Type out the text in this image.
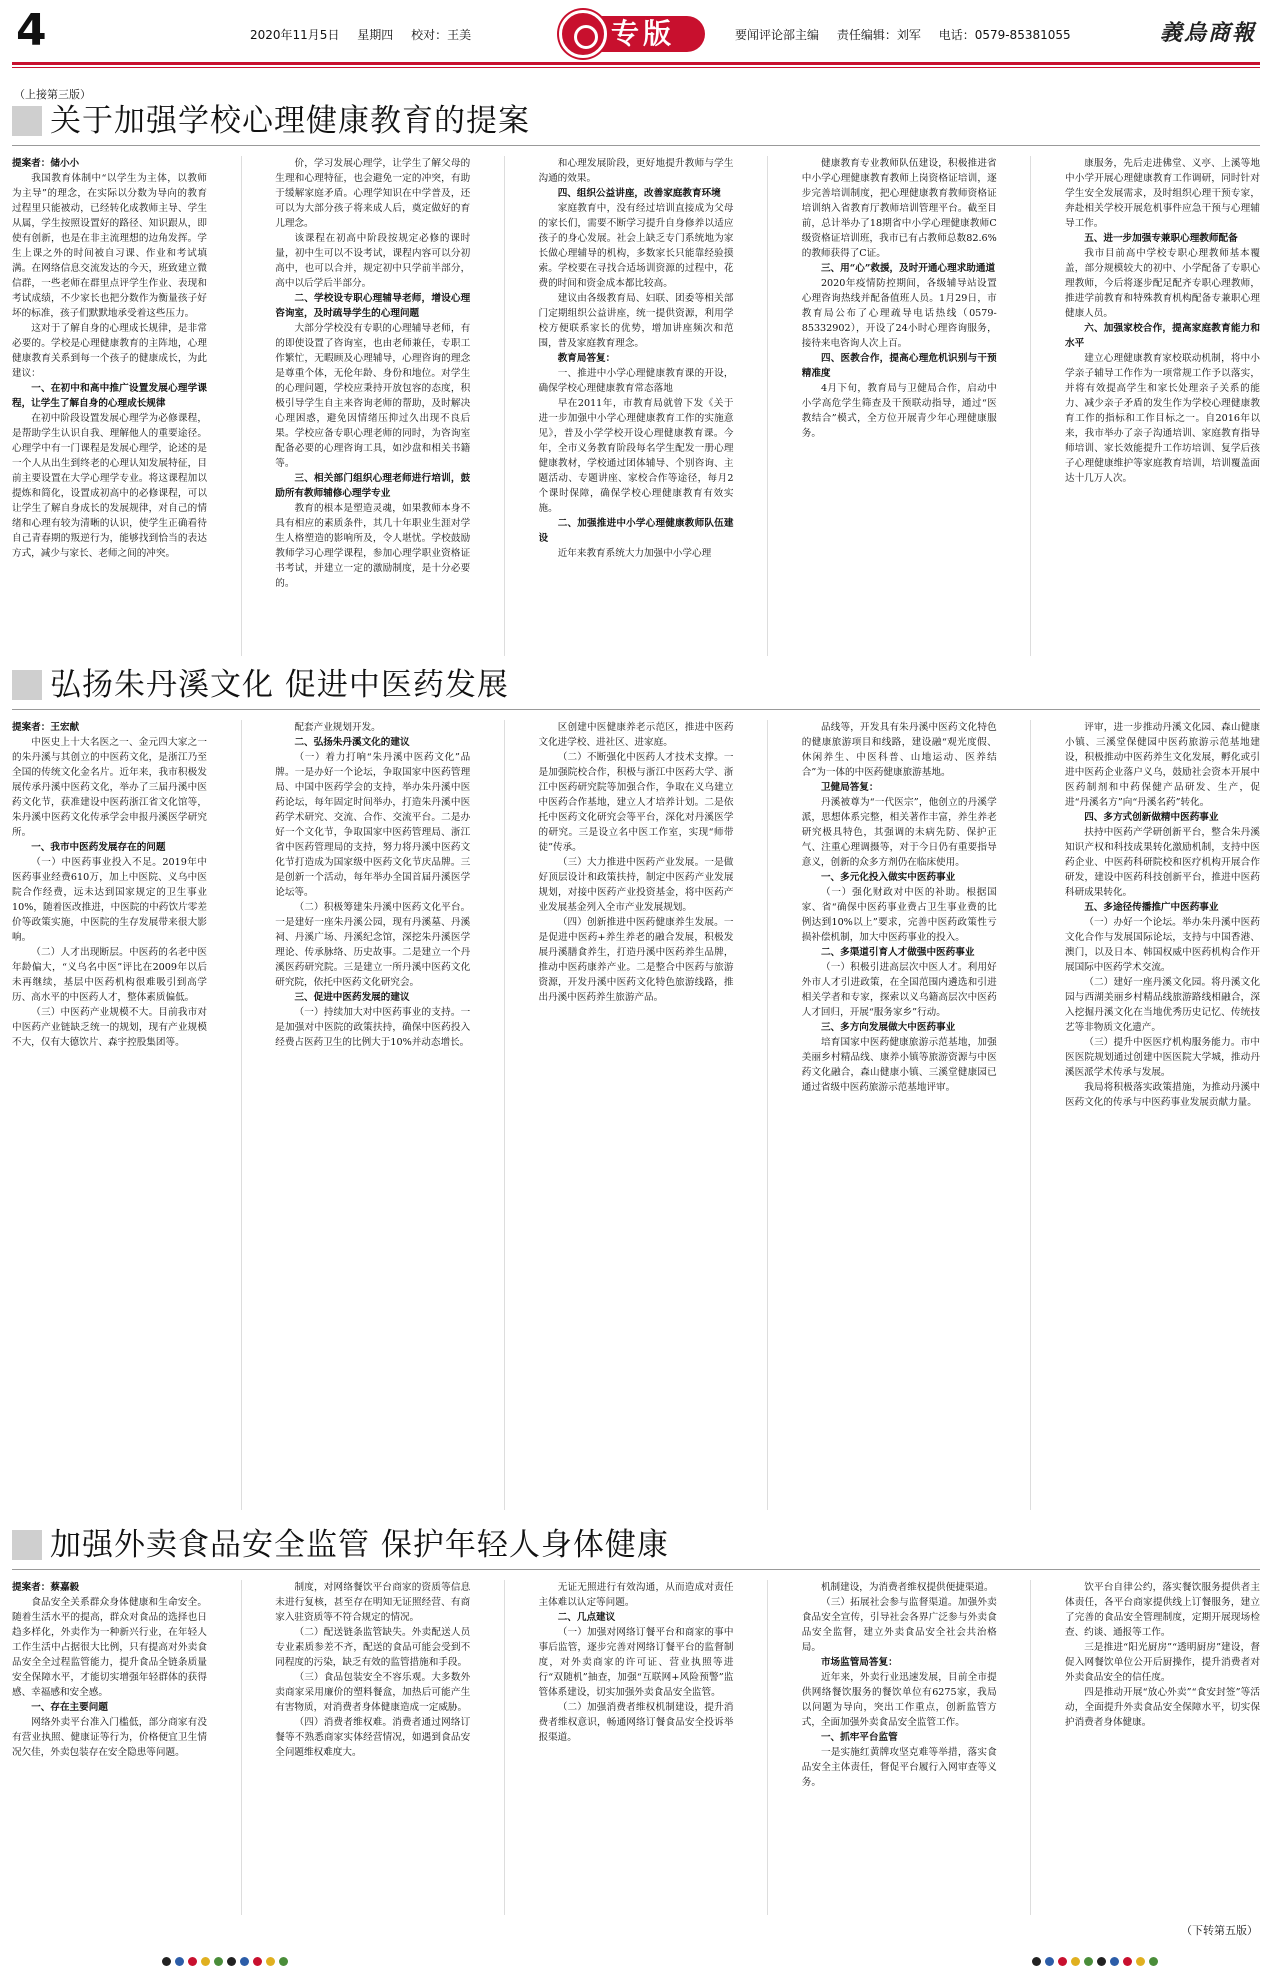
4	2020年11月5日 星期四 校对：王美	专版	要闻评论部主编 责任编辑：刘军 电话：0579-85381055	義烏商報
（上接第三版）
关于加强学校心理健康教育的提案

提案者：储小小

我国教育体制中“以学生为主体，以教师为主导”的理念，在实际以分数为导向的教育过程里只能被动，已经转化成教师主导、学生从属，学生按照设置好的路径、知识跟从，即使有创新，也是在非主流理想的边角发挥。学生上课之外的时间被自习课、作业和考试填满。在网络信息交流发达的今天，班致建立微信群，一些老师在群里点评学生作业、表现和考试成绩，不少家长也把分数作为衡量孩子好坏的标准，孩子们默默地承受着这些压力。

这对于了解自身的心理成长规律，是非常必要的。学校是心理健康教育的主阵地，心理健康教育关系到每一个孩子的健康成长，为此建议：

一、在初中和高中推广设置发展心理学课程，让学生了解自身的心理成长规律

在初中阶段设置发展心理学为必修课程，是帮助学生认识自我、理解他人的重要途径。心理学中有一门课程是发展心理学，论述的是一个人从出生到终老的心理认知发展特征，目前主要设置在大学心理学专业。将这课程加以提炼和简化，设置成初高中的必修课程，可以让学生了解自身成长的发展规律，对自己的情绪和心理有较为清晰的认识，使学生正确看待自己青春期的叛逆行为，能够找到恰当的表达方式，减少与家长、老师之间的冲突。

价，学习发展心理学，让学生了解父母的生理和心理特征，也会避免一定的冲突，有助于缓解家庭矛盾。心理学知识在中学普及，还可以为大部分孩子将来成人后，奠定做好的育儿理念。

该课程在初高中阶段按规定必修的课时量，初中生可以不设考试，课程内容可以分初高中，也可以合并，规定初中只学前半部分，高中以后学后半部分。

二、学校设专职心理辅导老师，增设心理咨询室，及时疏导学生的心理问题

大部分学校没有专职的心理辅导老师，有的即使设置了咨询室，也由老师兼任，专职工作繁忙，无暇顾及心理辅导，心理咨询的理念是尊重个体，无伦年龄、身份和地位。对学生的心理问题，学校应秉持开放包容的态度，积极引导学生自主来咨询老师的帮助，及时解决心理困惑，避免因情绪压抑过久出现不良后果。学校应备专职心理老师的同时，为咨询室配备必要的心理咨询工具，如沙盘和相关书籍等。

三、相关部门组织心理老师进行培训，鼓励所有教师辅修心理学专业

教育的根本是塑造灵魂，如果教师本身不具有相应的素质条件，其几十年职业生涯对学生人格塑造的影响所及，令人堪忧。学校鼓励教师学习心理学课程，参加心理学职业资格证书考试，并建立一定的激励制度，是十分必要的。

和心理发展阶段，更好地提升教师与学生沟通的效果。

四、组织公益讲座，改善家庭教育环境

家庭教育中，没有经过培训直接成为父母的家长们，需要不断学习提升自身修养以适应孩子的身心发展。社会上缺乏专门系统地为家长做心理辅导的机构，多数家长只能靠经验摸索。学校要在寻找合适场训资源的过程中，花费的时间和资金成本都比较高。

建议由各级教育局、妇联、团委等相关部门定期组织公益讲座，统一提供资源，利用学校方便联系家长的优势，增加讲座频次和范围，普及家庭教育理念。

教育局答复：

一、推进中小学心理健康教育课的开设，确保学校心理健康教育常态落地

早在2011年，市教育局就曾下发《关于进一步加强中小学心理健康教育工作的实施意见》，普及小学学校开设心理健康教育课。今年，全市义务教育阶段每名学生配发一册心理健康教材，学校通过团体辅导、个别咨询、主题活动、专题讲座、家校合作等途径，每月2个课时保障，确保学校心理健康教育有效实施。

二、加强推进中小学心理健康教师队伍建设

近年来教育系统大力加强中小学心理

健康教育专业教师队伍建设，积极推进省中小学心理健康教育教师上岗资格证培训，逐步完善培训制度，把心理健康教育教师资格证培训纳入省教育厅教师培训管理平台。截至目前，总计举办了18期省中小学心理健康教师C级资格证培训班，我市已有占教师总数82.6%的教师获得了C证。

三、用“心”救援，及时开通心理求助通道

2020年疫情防控期间，各级辅导站设置心理咨询热线并配备值班人员。1月29日，市教育局公布了心理疏导电话热线（0579-85332902），开设了24小时心理咨询服务，接待来电咨询人次上百。

四、医教合作，提高心理危机识别与干预精准度

4月下旬，教育局与卫健局合作，启动中小学高危学生筛查及干预联动指导，通过“医教结合”模式，全方位开展青少年心理健康服务。

康服务，先后走进佛堂、义亭、上溪等地中小学开展心理健康教育工作调研，同时针对学生安全发展需求，及时组织心理干预专家，奔赴相关学校开展危机事件应急干预与心理辅导工作。

五、进一步加强专兼职心理教师配备

我市目前高中学校专职心理教师基本覆盖，部分规模较大的初中、小学配备了专职心理教师，今后将逐步配足配齐专职心理教师，推进学前教育和特殊教育机构配备专兼职心理健康人员。

六、加强家校合作，提高家庭教育能力和水平

建立心理健康教育家校联动机制，将中小学亲子辅导工作作为一项常规工作予以落实，并将有效提高学生和家长处理亲子关系的能力、减少亲子矛盾的发生作为学校心理健康教育工作的指标和工作目标之一。自2016年以来，我市举办了亲子沟通培训、家庭教育指导师培训、家长效能提升工作坊培训、复学后孩子心理健康维护等家庭教育培训，培训覆盖面达十几万人次。

弘扬朱丹溪文化 促进中医药发展

提案者：王宏献

中医史上十大名医之一、金元四大家之一的朱丹溪与其创立的中医药文化，是浙江乃至全国的传统文化金名片。近年来，我市积极发展传承丹溪中医药文化，举办了三届丹溪中医药文化节，获准建设中医药浙江省文化馆等，朱丹溪中医药文化传承学会申报丹溪医学研究所。

一、我市中医药发展存在的问题

（一）中医药事业投入不足。2019年中医药事业经费610万，加上中医院、义乌中医院合作经费，远未达到国家规定的卫生事业10%，随着医改推进，中医院的中药饮片零差价等政策实施，中医院的生存发展带来很大影响。

（二）人才出现断层。中医药的名老中医年龄偏大，“义乌名中医”评比在2009年以后未再继续，基层中医药机构很难吸引到高学历、高水平的中医药人才，整体素质偏低。

（三）中医药产业规模不大。目前我市对中医药产业链缺乏统一的规划，现有产业规模不大，仅有大德饮片、森宇控股集团等。

配套产业规划开发。

二、弘扬朱丹溪文化的建议

（一）着力打响“朱丹溪中医药文化”品牌。一是办好一个论坛，争取国家中医药管理局、中国中医药学会的支持，举办朱丹溪中医药论坛，每年固定时间举办，打造朱丹溪中医药学术研究、交流、合作、交流平台。二是办好一个文化节，争取国家中医药管理局、浙江省中医药管理局的支持，努力将丹溪中医药文化节打造成为国家级中医药文化节庆品牌。三是创新一个活动，每年举办全国首届丹溪医学论坛等。

（二）积极筹建朱丹溪中医药文化平台。一是建好一座朱丹溪公园，现有丹溪墓、丹溪祠、丹溪广场、丹溪纪念馆，深挖朱丹溪医学理论、传承脉络、历史故事。二是建立一个丹溪医药研究院。三是建立一所丹溪中医药文化研究院，依托中医药文化研究会。

三、促进中医药发展的建议

（一）持续加大对中医药事业的支持。一是加强对中医院的政策扶持，确保中医药投入经费占医药卫生的比例大于10%并动态增长。

区创建中医健康养老示范区，推进中医药文化进学校、进社区、进家庭。

（二）不断强化中医药人才技术支撑。一是加强院校合作，积极与浙江中医药大学、浙江中医药研究院等加强合作，争取在义乌建立中医药合作基地，建立人才培养计划。二是依托中医药文化研究会等平台，深化对丹溪医学的研究。三是设立名中医工作室，实现“师带徒”传承。

（三）大力推进中医药产业发展。一是做好顶层设计和政策扶持，制定中医药产业发展规划，对接中医药产业投资基金，将中医药产业发展基金列入全市产业发展规划。

（四）创新推进中医药健康养生发展。一是促进中医药+养生养老的融合发展，积极发展丹溪膳食养生，打造丹溪中医药养生品牌，推动中医药康养产业。二是整合中医药与旅游资源，开发丹溪中医药文化特色旅游线路，推出丹溪中医药养生旅游产品。

品线等，开发具有朱丹溪中医药文化特色的健康旅游项目和线路，建设融“观光度假、休闲养生、中医科普、山地运动、医养结合”为一体的中医药健康旅游基地。

卫健局答复：

丹溪被尊为“一代医宗”，他创立的丹溪学派，思想体系完整，相关著作丰富，养生养老研究极具特色，其强调的未病先防、保护正气、注重心理调摄等，对于今日仍有重要指导意义，创新的众多方剂仍在临床使用。

一、多元化投入做实中医药事业

（一）强化财政对中医的补助。根据国家、省“确保中医药事业费占卫生事业费的比例达到10%以上”要求，完善中医药政策性亏损补偿机制，加大中医药事业的投入。

二、多渠道引育人才做强中医药事业

（一）积极引进高层次中医人才。利用好外市人才引进政策，在全国范围内遴选和引进相关学者和专家，探索以义乌籍高层次中医药人才回归，开展“服务家乡”行动。

三、多方向发展做大中医药事业

培育国家中医药健康旅游示范基地，加强美丽乡村精品线、康养小镇等旅游资源与中医药文化融合，森山健康小镇、三溪堂健康园已通过省级中医药旅游示范基地评审。

评审，进一步推动丹溪文化园、森山健康小镇、三溪堂保健园中医药旅游示范基地建设，积极推动中医药养生文化发展，孵化或引进中医药企业落户义乌，鼓励社会资本开展中医药制剂和中药保健产品研发、生产，促进“丹溪名方”向“丹溪名药”转化。

四、多方式创新做精中医药事业

扶持中医药产学研创新平台，整合朱丹溪知识产权和科技成果转化激励机制，支持中医药企业、中医药科研院校和医疗机构开展合作研发，建设中医药科技创新平台，推进中医药科研成果转化。

五、多途径传播推广中医药事业

（一）办好一个论坛。举办朱丹溪中医药文化合作与发展国际论坛，支持与中国香港、澳门，以及日本、韩国权威中医药机构合作开展国际中医药学术交流。

（二）建好一座丹溪文化园。将丹溪文化园与西湖美丽乡村精品线旅游路线相融合，深入挖掘丹溪文化在当地优秀历史记忆、传统技艺等非物质文化遗产。

（三）提升中医医疗机构服务能力。市中医医院规划通过创建中医医院大学城，推动丹溪医派学术传承与发展。

我局将积极落实政策措施，为推动丹溪中医药文化的传承与中医药事业发展贡献力量。

加强外卖食品安全监管 保护年轻人身体健康

提案者：蔡嘉毅

食品安全关系群众身体健康和生命安全。随着生活水平的提高，群众对食品的选择也日趋多样化，外卖作为一种新兴行业，在年轻人工作生活中占据很大比例，只有提高对外卖食品安全全过程监管能力，提升食品全链条质量安全保障水平，才能切实增强年轻群体的获得感、幸福感和安全感。

一、存在主要问题

网络外卖平台准入门槛低，部分商家有没有营业执照、健康证等行为，价格便宜卫生情况欠佳，外卖包装存在安全隐患等问题。

制度，对网络餐饮平台商家的资质等信息未进行复核，甚至存在明知无证照经营、有商家入驻资质等不符合规定的情况。

（二）配送链条监管缺失。外卖配送人员专业素质参差不齐，配送的食品可能会受到不同程度的污染，缺乏有效的监管措施和手段。

（三）食品包装安全不容乐观。大多数外卖商家采用廉价的塑料餐盒，加热后可能产生有害物质，对消费者身体健康造成一定威胁。

（四）消费者维权难。消费者通过网络订餐等不熟悉商家实体经营情况，如遇到食品安全问题维权难度大。

无证无照进行有效沟通，从而造成对责任主体难以认定等问题。

二、几点建议

（一）加强对网络订餐平台和商家的事中事后监管，逐步完善对网络订餐平台的监督制度，对外卖商家的许可证、营业执照等进行“双随机”抽查，加强“互联网+风险预警”监管体系建设，切实加强外卖食品安全监管。

（二）加强消费者维权机制建设，提升消费者维权意识，畅通网络订餐食品安全投诉举报渠道。

机制建设，为消费者维权提供便捷渠道。

（三）拓展社会参与监督渠道。加强外卖食品安全宣传，引导社会各界广泛参与外卖食品安全监督，建立外卖食品安全社会共治格局。

市场监管局答复：

近年来，外卖行业迅速发展，目前全市提供网络餐饮服务的餐饮单位有6275家，我局以问题为导向，突出工作重点，创新监管方式，全面加强外卖食品安全监管工作。

一、抓牢平台监管

一是实施红黄牌攻坚克难等举措，落实食品安全主体责任，督促平台履行入网审查等义务。

饮平台自律公约，落实餐饮服务提供者主体责任，各平台商家提供线上订餐服务，建立了完善的食品安全管理制度，定期开展现场检查、约谈、通报等工作。

三是推进“阳光厨房”“透明厨房”建设，督促入网餐饮单位公开后厨操作，提升消费者对外卖食品安全的信任度。

四是推动开展“放心外卖”“食安封签”等活动，全面提升外卖食品安全保障水平，切实保护消费者身体健康。

（下转第五版）
